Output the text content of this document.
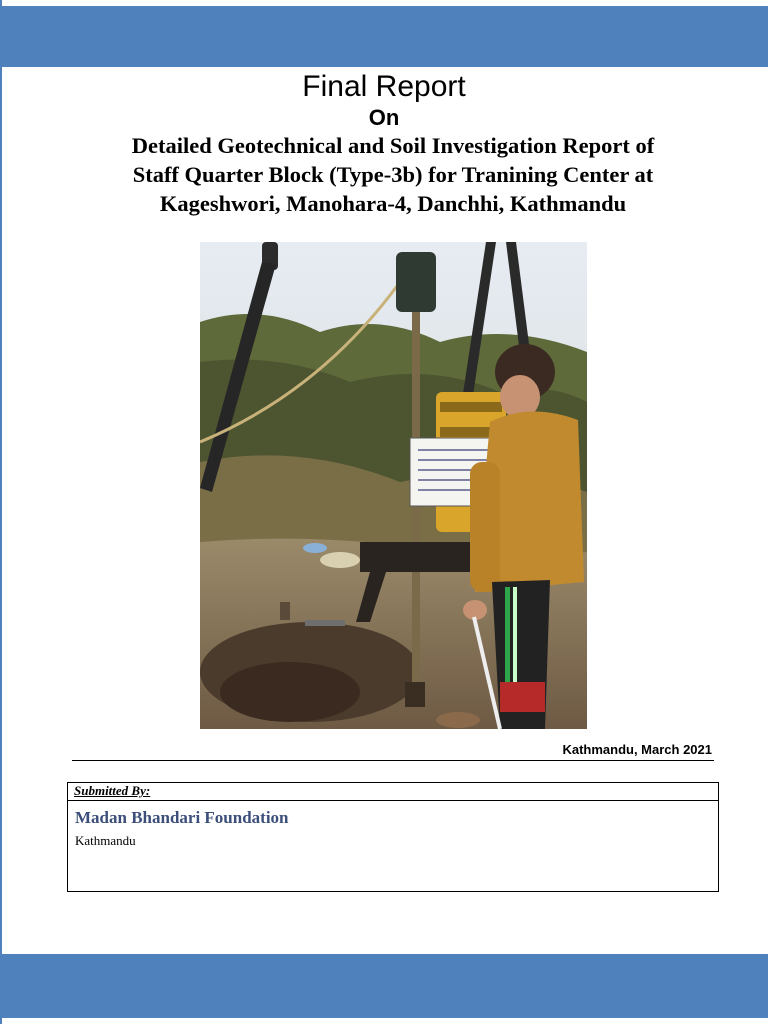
Final Report
On
Detailed Geotechnical and Soil Investigation Report of
Staff Quarter Block (Type-3b) for Tranining Center at
Kageshwori, Manohara-4, Danchhi, Kathmandu
Kathmandu, March 2021
Submitted By:
Madan Bhandari Foundation
Kathmandu
